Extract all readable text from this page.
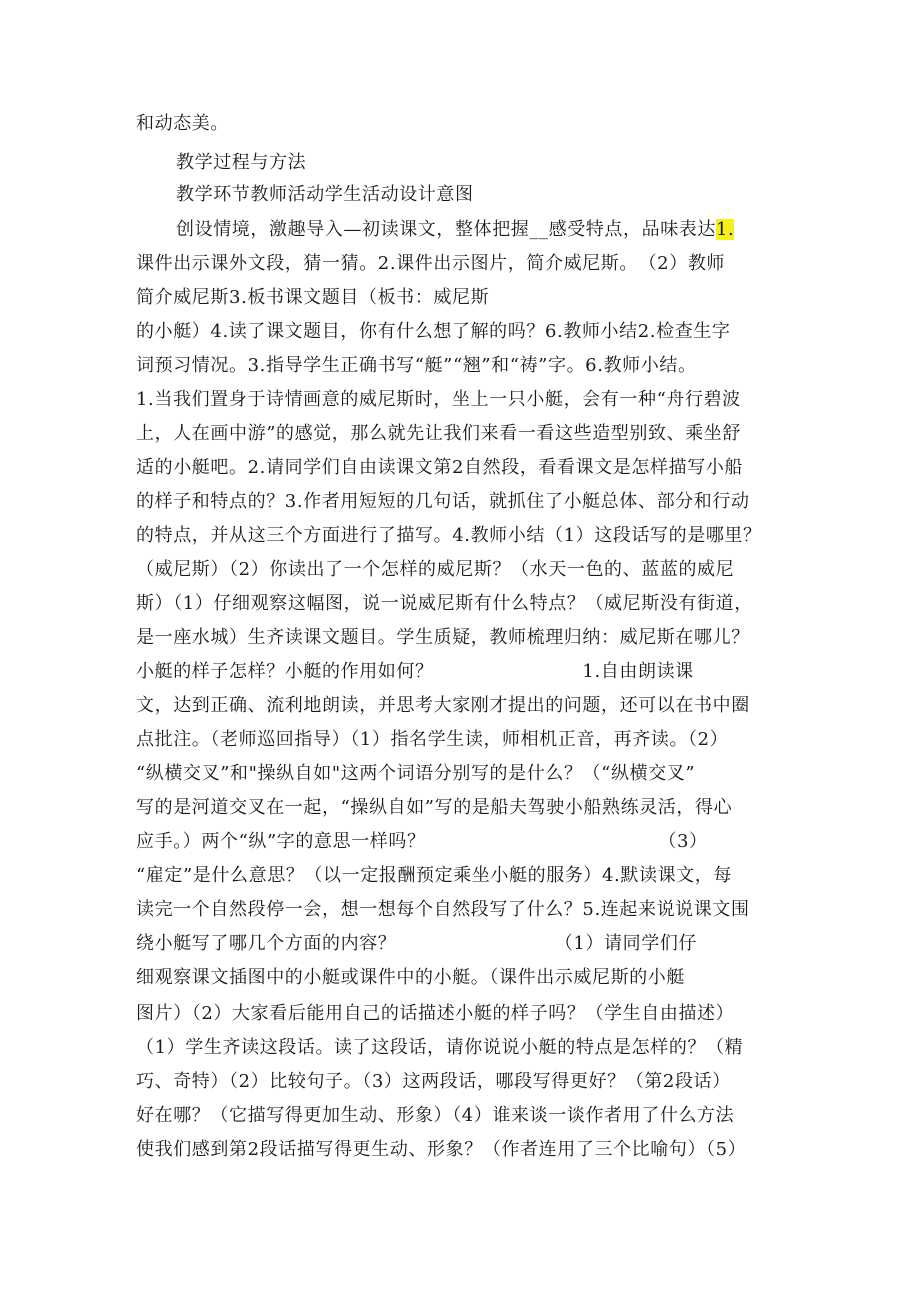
和动态美。
教学过程与方法
教学环节教师活动学生活动设计意图
创设情境，激趣导入—初读课文，整体把握__感受特点，品味表达1.
课件出示课外文段，猜一猜。2.课件出示图片，简介威尼斯。　（2）教师
简介威尼斯3.板书课文题目（板书：威尼斯
的小艇）4.读了课文题目，你有什么想了解的吗？6.教师小结2.检查生字
词预习情况。3.指导学生正确书写“艇”“翘”和“祷”字。6.教师小结。
1.当我们置身于诗情画意的威尼斯时，坐上一只小艇，会有一种“舟行碧波
上，人在画中游”的感觉，那么就先让我们来看一看这些造型别致、乘坐舒
适的小艇吧。2.请同学们自由读课文第2自然段，看看课文是怎样描写小船
的样子和特点的？3.作者用短短的几句话，就抓住了小艇总体、部分和行动
的特点，并从这三个方面进行了描写。4.教师小结（1）这段话写的是哪里？
（威尼斯）（2）你读出了一个怎样的威尼斯？（水天一色的、蓝蓝的威尼
斯）（1）仔细观察这幅图，说一说威尼斯有什么特点？（威尼斯没有街道，
是一座水城）生齐读课文题目。学生质疑，教师梳理归纳：威尼斯在哪儿？
小艇的样子怎样？小艇的作用如何？　　　　　　　　1.自由朗读课
文，达到正确、流利地朗读，并思考大家刚才提出的问题，还可以在书中圈
点批注。（老师巡回指导）（1）指名学生读，师相机正音，再齐读。（2）
“纵横交叉”和"操纵自如"这两个词语分别写的是什么？（“纵横交叉”
写的是河道交叉在一起，“操纵自如”写的是船夫驾驶小船熟练灵活，得心
应手。）两个“纵”字的意思一样吗？　　　　　　　　　　　　　（3）
“雇定”是什么意思？（以一定报酬预定乘坐小艇的服务）4.默读课文，每
读完一个自然段停一会，想一想每个自然段写了什么？5.连起来说说课文围
绕小艇写了哪几个方面的内容？　　　　　　　　　（1）请同学们仔
细观察课文插图中的小艇或课件中的小艇。（课件出示威尼斯的小艇
图片）（2）大家看后能用自己的话描述小艇的样子吗？（学生自由描述）
（1）学生齐读这段话。读了这段话，请你说说小艇的特点是怎样的？（精
巧、奇特）（2）比较句子。（3）这两段话，哪段写得更好？（第2段话）
好在哪？（它描写得更加生动、形象）（4）谁来谈一谈作者用了什么方法
使我们感到第2段话描写得更生动、形象？（作者连用了三个比喻句）（5）
